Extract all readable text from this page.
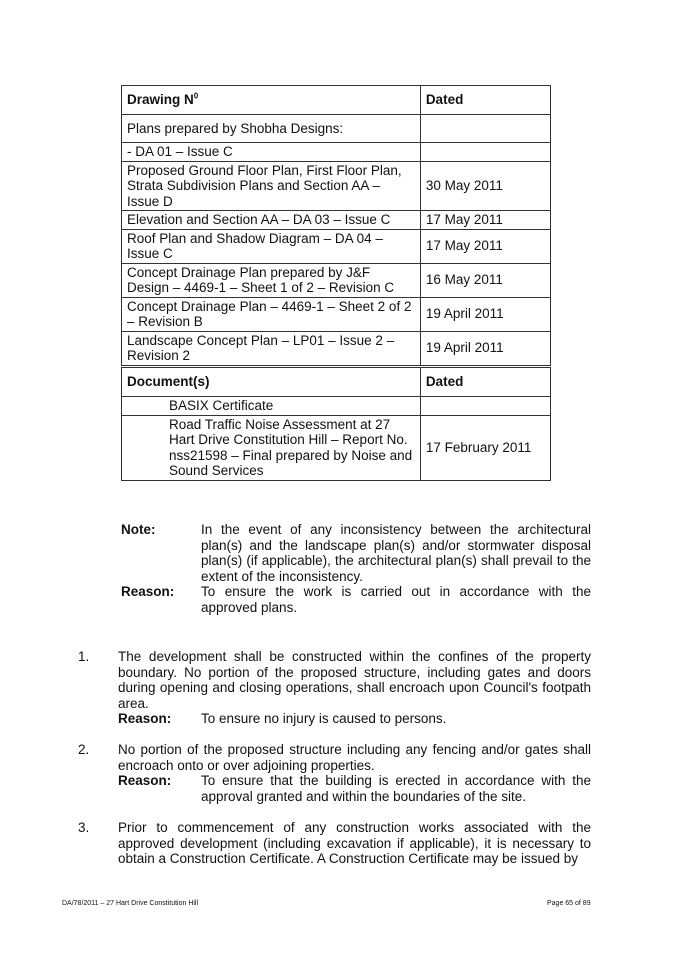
Drawing $N^0$	Dated
Plans prepared by Shobha Designs:	
- DA 01 – Issue C	
Proposed Ground Floor Plan, First Floor Plan, Strata Subdivision Plans and Section AA – Issue D	30 May 2011
Elevation and Section AA – DA 03 – Issue C	17 May 2011
Roof Plan and Shadow Diagram – DA 04 – Issue C	17 May 2011
Concept Drainage Plan prepared by J&F Design – 4469-1 – Sheet 1 of 2 – Revision C	16 May 2011
Concept Drainage Plan – 4469-1 – Sheet 2 of 2 – Revision B	19 April 2011
Landscape Concept Plan – LP01 – Issue 2 – Revision 2	19 April 2011
Document(s)	Dated
BASIX Certificate	
Road Traffic Noise Assessment at 27 Hart Drive Constitution Hill – Report No. nss21598 – Final prepared by Noise and Sound Services	17 February 2011
Note:	In the event of any inconsistency between the architectural plan(s) and the landscape plan(s) and/or stormwater disposal plan(s) (if applicable), the architectural plan(s) shall prevail to the extent of the inconsistency.
Reason:	To ensure the work is carried out in accordance with the approved plans.
1. The development shall be constructed within the confines of the property boundary. No portion of the proposed structure, including gates and doors during opening and closing operations, shall encroach upon Council's footpath area.
Reason:	To ensure no injury is caused to persons.
2. No portion of the proposed structure including any fencing and/or gates shall encroach onto or over adjoining properties.
Reason:	To ensure that the building is erected in accordance with the approval granted and within the boundaries of the site.
3. Prior to commencement of any construction works associated with the approved development (including excavation if applicable), it is necessary to obtain a Construction Certificate. A Construction Certificate may be issued by
DA/78/2011 – 27 Hart Drive Constitution Hill	Page 65 of 89
